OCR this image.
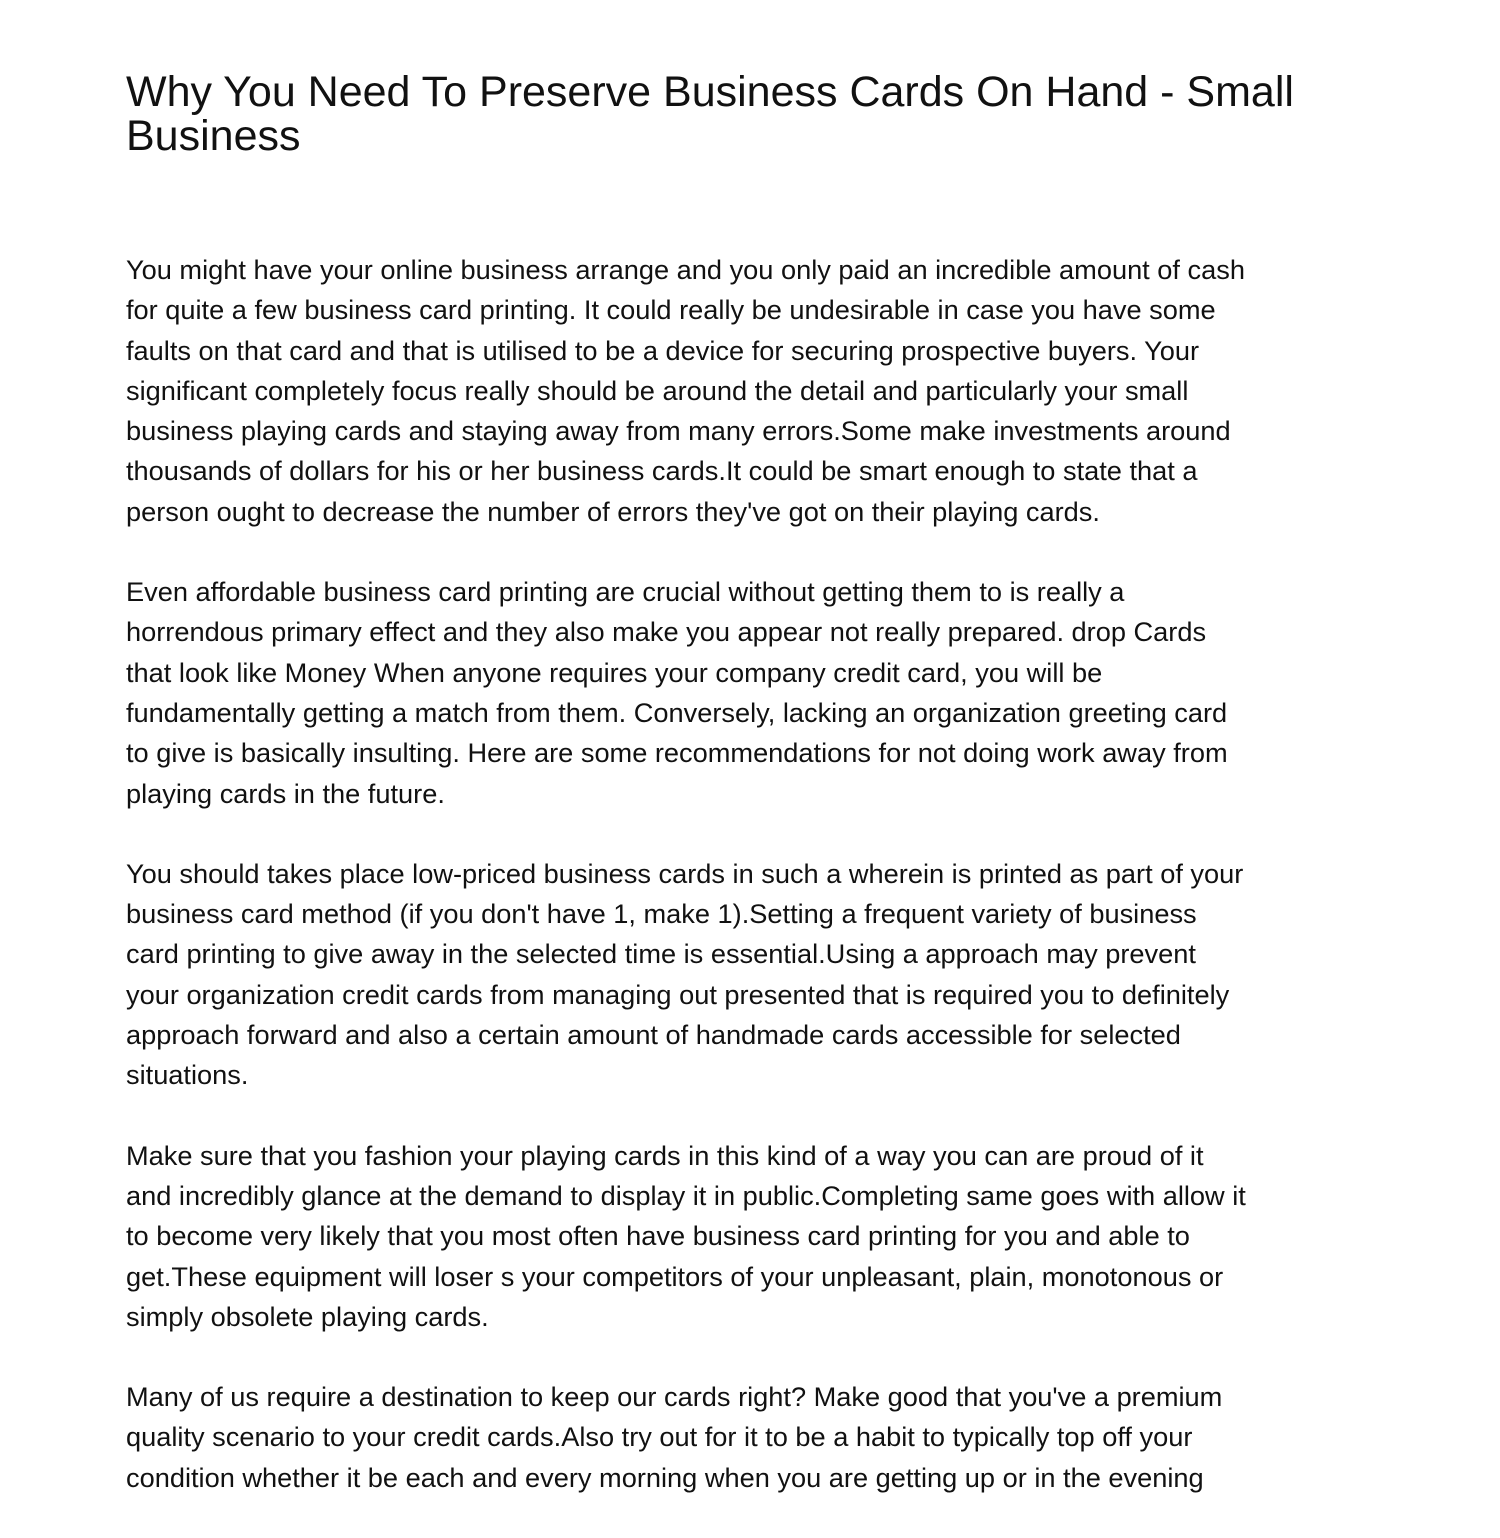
Why You Need To Preserve Business Cards On Hand - Small
Business

You might have your online business arrange and you only paid an incredible amount of cash
for quite a few business card printing. It could really be undesirable in case you have some
faults on that card and that is utilised to be a device for securing prospective buyers. Your
significant completely focus really should be around the detail and particularly your small
business playing cards and staying away from many errors.Some make investments around
thousands of dollars for his or her business cards.It could be smart enough to state that a
person ought to decrease the number of errors they've got on their playing cards.

Even affordable business card printing are crucial without getting them to is really a
horrendous primary effect and they also make you appear not really prepared. drop Cards
that look like Money When anyone requires your company credit card, you will be
fundamentally getting a match from them. Conversely, lacking an organization greeting card
to give is basically insulting. Here are some recommendations for not doing work away from
playing cards in the future.

You should takes place low-priced business cards in such a wherein is printed as part of your
business card method (if you don't have 1, make 1).Setting a frequent variety of business
card printing to give away in the selected time is essential.Using a approach may prevent
your organization credit cards from managing out presented that is required you to definitely
approach forward and also a certain amount of handmade cards accessible for selected
situations.

Make sure that you fashion your playing cards in this kind of a way you can are proud of it
and incredibly glance at the demand to display it in public.Completing same goes with allow it
to become very likely that you most often have business card printing for you and able to
get.These equipment will loser s your competitors of your unpleasant, plain, monotonous or
simply obsolete playing cards.

Many of us require a destination to keep our cards right? Make good that you've a premium
quality scenario to your credit cards.Also try out for it to be a habit to typically top off your
condition whether it be each and every morning when you are getting up or in the evening
